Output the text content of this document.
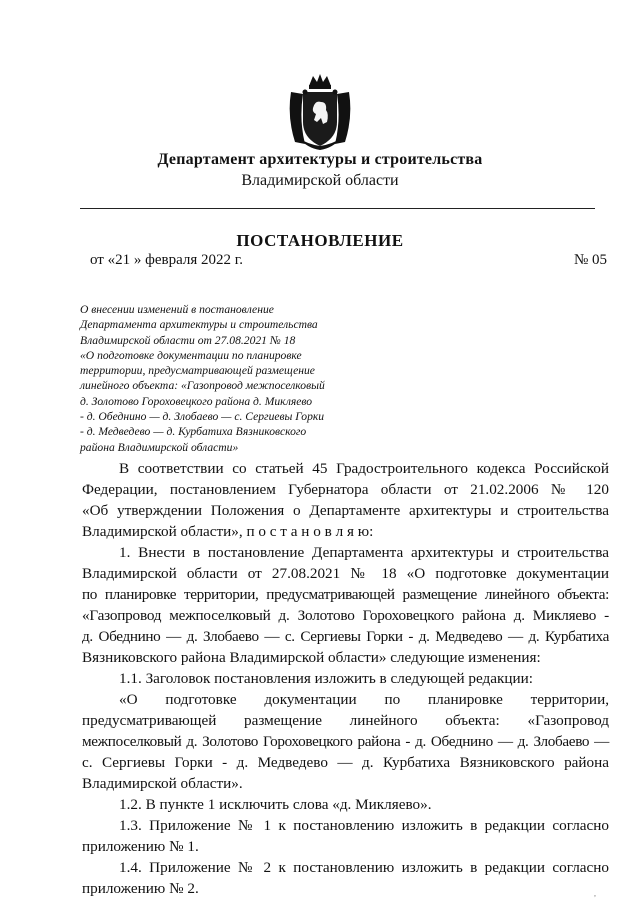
Департамент архитектуры и строительства
Владимирской области
ПОСТАНОВЛЕНИЕ
от «21 » февраля 2022 г.	№ 05
О внесении изменений в постановление
Департамента архитектуры и строительства
Владимирской области от 27.08.2021 № 18
«О подготовке документации по планировке
территории, предусматривающей размещение
линейного объекта: «Газопровод межпоселковый
д. Золотово Гороховецкого района д. Микляево
- д. Обеднино — д. Злобаево — с. Сергиевы Горки
- д. Медведево — д. Курбатиха Вязниковского
района Владимирской области»
В соответствии со статьей 45 Градостроительного кодекса Российской
Федерации, постановлением Губернатора области от 21.02.2006 № 120
«Об утверждении Положения о Департаменте архитектуры и строительства
Владимирской области», п о с т а н о в л я ю:
1. Внести в постановление Департамента архитектуры и строительства
Владимирской области от 27.08.2021 № 18 «О подготовке документации
по планировке территории, предусматривающей размещение линейного объекта:
«Газопровод межпоселковый д. Золотово Гороховецкого района д. Микляево -
д. Обеднино — д. Злобаево — с. Сергиевы Горки - д. Медведево — д. Курбатиха
Вязниковского района Владимирской области» следующие изменения:
1.1. Заголовок постановления изложить в следующей редакции:
«О подготовке документации по планировке территории,
предусматривающей размещение линейного объекта: «Газопровод
межпоселковый д. Золотово Гороховецкого района - д. Обеднино — д. Злобаево —
с. Сергиевы Горки - д. Медведево — д. Курбатиха Вязниковского района
Владимирской области».
1.2. В пункте 1 исключить слова «д. Микляево».
1.3. Приложение № 1 к постановлению изложить в редакции согласно
приложению № 1.
1.4. Приложение № 2 к постановлению изложить в редакции согласно
приложению № 2.	,
